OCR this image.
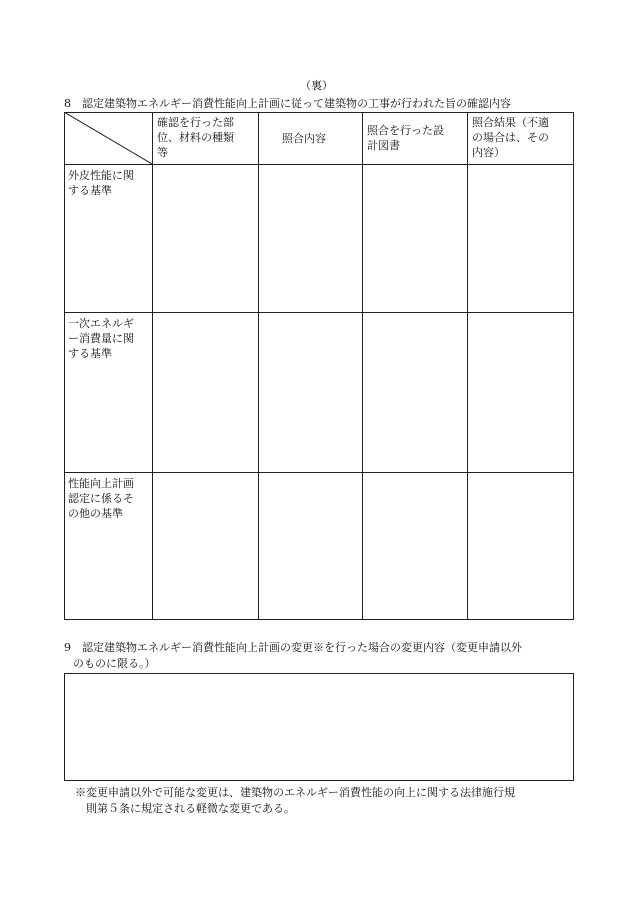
（裏）
8　認定建築物エネルギー消費性能向上計画に従って建築物の工事が行われた旨の確認内容
確認を行った部
位、材料の種類
等
照合内容
照合を行った設
計図書
照合結果（不適
の場合は、その
内容）
外皮性能に関
する基準
一次エネルギ
ー消費量に関
する基準
性能向上計画
認定に係るそ
の他の基準
9　認定建築物エネルギー消費性能向上計画の変更※を行った場合の変更内容（変更申請以外
のものに限る。）
※変更申請以外で可能な変更は、建築物のエネルギー消費性能の向上に関する法律施行規
則第５条に規定される軽微な変更である。
